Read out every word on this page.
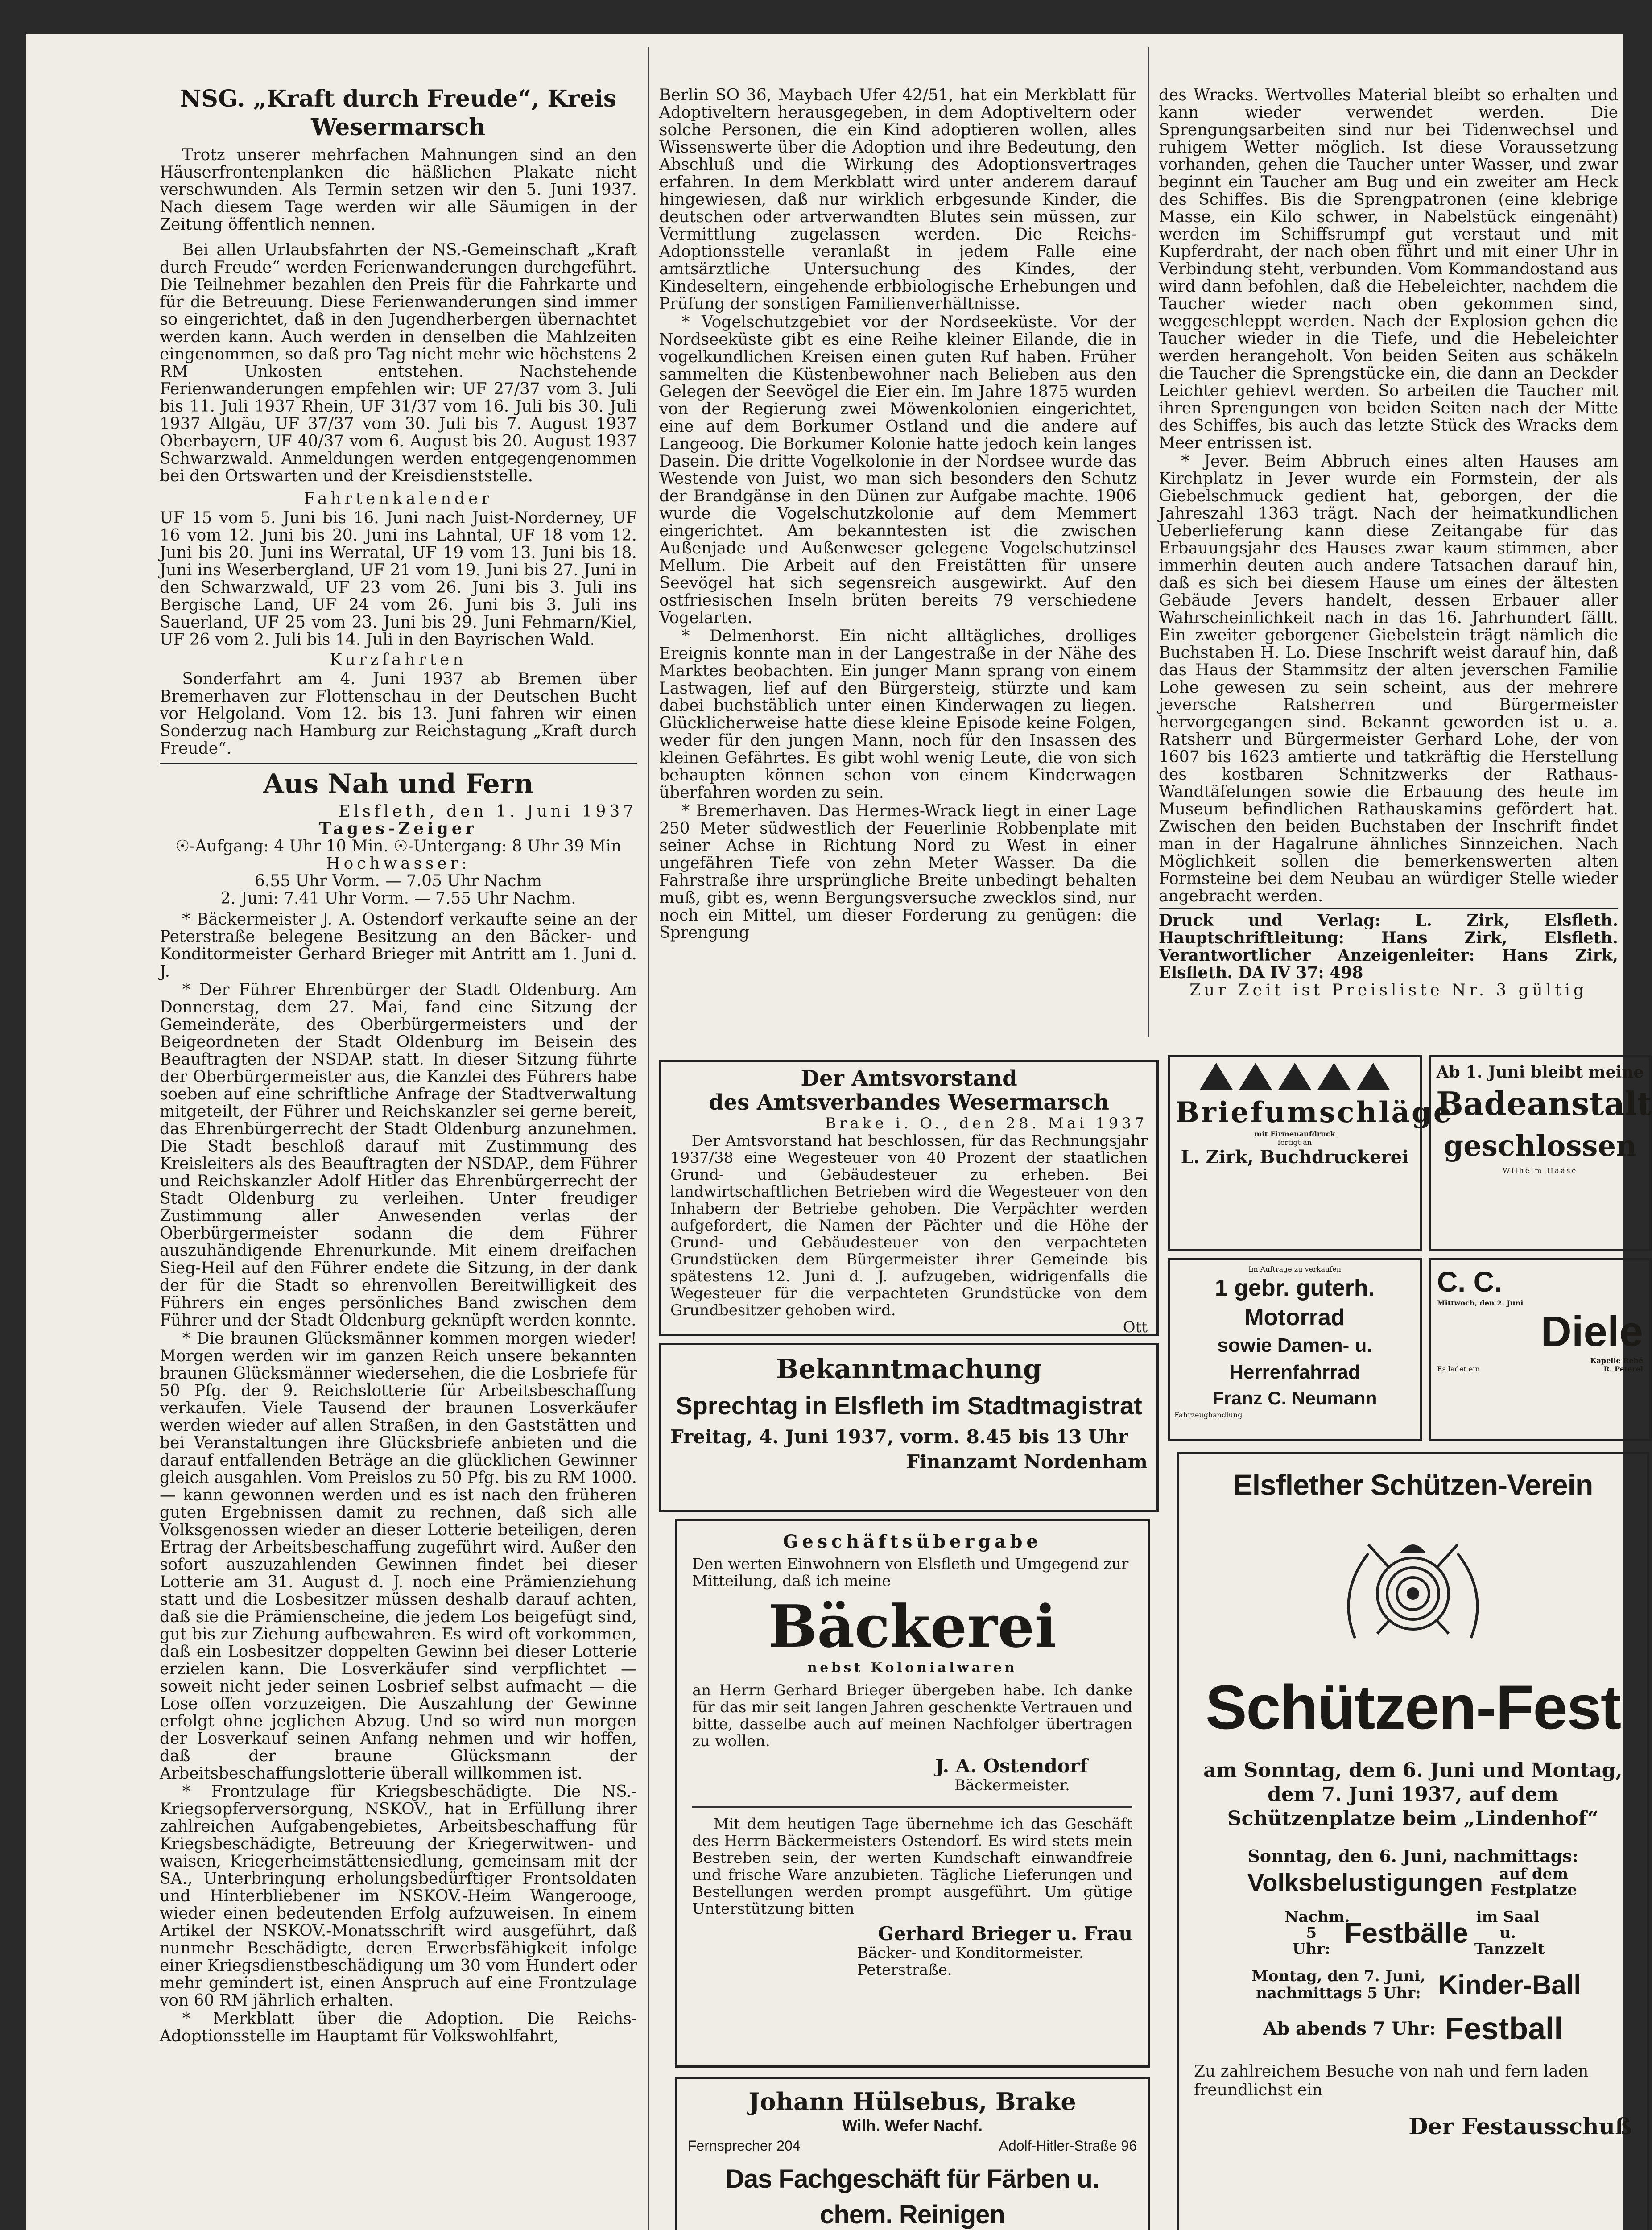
NSG. „Kraft durch Freude“, Kreis Wesermarsch

Trotz unserer mehrfachen Mahnungen sind an den Häuserfrontenplanken die häßlichen Plakate nicht verschwunden. Als Termin setzen wir den 5. Juni 1937. Nach diesem Tage werden wir alle Säumigen in der Zeitung öffentlich nennen.

Bei allen Urlaubsfahrten der NS.-Gemeinschaft „Kraft durch Freude“ werden Ferienwanderungen durchgeführt. Die Teilnehmer bezahlen den Preis für die Fahrkarte und für die Betreuung. Diese Ferienwanderungen sind immer so eingerichtet, daß in den Jugendherbergen übernachtet werden kann. Auch werden in denselben die Mahlzeiten eingenommen, so daß pro Tag nicht mehr wie höchstens 2 RM Unkosten entstehen. Nachstehende Ferienwanderungen empfehlen wir: UF 27/37 vom 3. Juli bis 11. Juli 1937 Rhein, UF 31/37 vom 16. Juli bis 30. Juli 1937 Allgäu, UF 37/37 vom 30. Juli bis 7. August 1937 Oberbayern, UF 40/37 vom 6. August bis 20. August 1937 Schwarzwald. Anmeldungen werden entgegengenommen bei den Ortswarten und der Kreisdienststelle.

Fahrtenkalender

UF 15 vom 5. Juni bis 16. Juni nach Juist-Norderney, UF 16 vom 12. Juni bis 20. Juni ins Lahntal, UF 18 vom 12. Juni bis 20. Juni ins Werratal, UF 19 vom 13. Juni bis 18. Juni ins Weserbergland, UF 21 vom 19. Juni bis 27. Juni in den Schwarzwald, UF 23 vom 26. Juni bis 3. Juli ins Bergische Land, UF 24 vom 26. Juni bis 3. Juli ins Sauerland, UF 25 vom 23. Juni bis 29. Juni Fehmarn/Kiel, UF 26 vom 2. Juli bis 14. Juli in den Bayrischen Wald.

Kurzfahrten

Sonderfahrt am 4. Juni 1937 ab Bremen über Bremerhaven zur Flottenschau in der Deutschen Bucht vor Helgoland. Vom 12. bis 13. Juni fahren wir einen Sonderzug nach Hamburg zur Reichstagung „Kraft durch Freude“.

Aus Nah und Fern
Elsfleth, den 1. Juni 1937
Tages-Zeiger
☉-Aufgang: 4 Uhr 10 Min. ☉-Untergang: 8 Uhr 39 Min
Hochwasser:
6.55 Uhr Vorm. — 7.05 Uhr Nachm
2. Juni: 7.41 Uhr Vorm. — 7.55 Uhr Nachm.

* Bäckermeister J. A. Ostendorf verkaufte seine an der Peterstraße belegene Besitzung an den Bäcker- und Konditormeister Gerhard Brieger mit Antritt am 1. Juni d. J.

* Der Führer Ehrenbürger der Stadt Oldenburg. Am Donnerstag, dem 27. Mai, fand eine Sitzung der Gemeinderäte, des Oberbürgermeisters und der Beigeordneten der Stadt Oldenburg im Beisein des Beauftragten der NSDAP. statt. In dieser Sitzung führte der Oberbürgermeister aus, die Kanzlei des Führers habe soeben auf eine schriftliche Anfrage der Stadtverwaltung mitgeteilt, der Führer und Reichskanzler sei gerne bereit, das Ehrenbürgerrecht der Stadt Oldenburg anzunehmen. Die Stadt beschloß darauf mit Zustimmung des Kreisleiters als des Beauftragten der NSDAP., dem Führer und Reichskanzler Adolf Hitler das Ehrenbürgerrecht der Stadt Oldenburg zu verleihen. Unter freudiger Zustimmung aller Anwesenden verlas der Oberbürgermeister sodann die dem Führer auszuhändigende Ehrenurkunde. Mit einem dreifachen Sieg-Heil auf den Führer endete die Sitzung, in der dank der für die Stadt so ehrenvollen Bereitwilligkeit des Führers ein enges persönliches Band zwischen dem Führer und der Stadt Oldenburg geknüpft werden konnte.

* Die braunen Glücksmänner kommen morgen wieder! Morgen werden wir im ganzen Reich unsere bekannten braunen Glücksmänner wiedersehen, die die Losbriefe für 50 Pfg. der 9. Reichslotterie für Arbeitsbeschaffung verkaufen. Viele Tausend der braunen Losverkäufer werden wieder auf allen Straßen, in den Gaststätten und bei Veranstaltungen ihre Glücksbriefe anbieten und die darauf entfallenden Beträge an die glücklichen Gewinner gleich ausgahlen. Vom Preislos zu 50 Pfg. bis zu RM 1000.— kann gewonnen werden und es ist nach den früheren guten Ergebnissen damit zu rechnen, daß sich alle Volksgenossen wieder an dieser Lotterie beteiligen, deren Ertrag der Arbeitsbeschaffung zugeführt wird. Außer den sofort auszuzahlenden Gewinnen findet bei dieser Lotterie am 31. August d. J. noch eine Prämienziehung statt und die Losbesitzer müssen deshalb darauf achten, daß sie die Prämienscheine, die jedem Los beigefügt sind, gut bis zur Ziehung aufbewahren. Es wird oft vorkommen, daß ein Losbesitzer doppelten Gewinn bei dieser Lotterie erzielen kann. Die Losverkäufer sind verpflichtet — soweit nicht jeder seinen Losbrief selbst aufmacht — die Lose offen vorzuzeigen. Die Auszahlung der Gewinne erfolgt ohne jeglichen Abzug. Und so wird nun morgen der Losverkauf seinen Anfang nehmen und wir hoffen, daß der braune Glücksmann der Arbeitsbeschaffungslotterie überall willkommen ist.

* Frontzulage für Kriegsbeschädigte. Die NS.-Kriegsopferversorgung, NSKOV., hat in Erfüllung ihrer zahlreichen Aufgabengebietes, Arbeitsbeschaffung für Kriegsbeschädigte, Betreuung der Kriegerwitwen- und waisen, Kriegerheimstättensiedlung, gemeinsam mit der SA., Unterbringung erholungsbedürftiger Frontsoldaten und Hinterbliebener im NSKOV.-Heim Wangerooge, wieder einen bedeutenden Erfolg aufzuweisen. In einem Artikel der NSKOV.-Monatsschrift wird ausgeführt, daß nunmehr Beschädigte, deren Erwerbsfähigkeit infolge einer Kriegsdienstbeschädigung um 30 vom Hundert oder mehr gemindert ist, einen Anspruch auf eine Frontzulage von 60 RM jährlich erhalten.

* Merkblatt über die Adoption. Die Reichs-Adoptionsstelle im Hauptamt für Volkswohlfahrt,

Berlin SO 36, Maybach Ufer 42/51, hat ein Merkblatt für Adoptiveltern herausgegeben, in dem Adoptiveltern oder solche Personen, die ein Kind adoptieren wollen, alles Wissenswerte über die Adoption und ihre Bedeutung, den Abschluß und die Wirkung des Adoptionsvertrages erfahren. In dem Merkblatt wird unter anderem darauf hingewiesen, daß nur wirklich erbgesunde Kinder, die deutschen oder artverwandten Blutes sein müssen, zur Vermittlung zugelassen werden. Die Reichs-Adoptionsstelle veranlaßt in jedem Falle eine amtsärztliche Untersuchung des Kindes, der Kindeseltern, eingehende erbbiologische Erhebungen und Prüfung der sonstigen Familienverhältnisse.

* Vogelschutzgebiet vor der Nordseeküste. Vor der Nordseeküste gibt es eine Reihe kleiner Eilande, die in vogelkundlichen Kreisen einen guten Ruf haben. Früher sammelten die Küstenbewohner nach Belieben aus den Gelegen der Seevögel die Eier ein. Im Jahre 1875 wurden von der Regierung zwei Möwenkolonien eingerichtet, eine auf dem Borkumer Ostland und die andere auf Langeoog. Die Borkumer Kolonie hatte jedoch kein langes Dasein. Die dritte Vogelkolonie in der Nordsee wurde das Westende von Juist, wo man sich besonders den Schutz der Brandgänse in den Dünen zur Aufgabe machte. 1906 wurde die Vogelschutzkolonie auf dem Memmert eingerichtet. Am bekanntesten ist die zwischen Außenjade und Außenweser gelegene Vogelschutzinsel Mellum. Die Arbeit auf den Freistätten für unsere Seevögel hat sich segensreich ausgewirkt. Auf den ostfriesischen Inseln brüten bereits 79 verschiedene Vogelarten.

* Delmenhorst. Ein nicht alltägliches, drolliges Ereignis konnte man in der Langestraße in der Nähe des Marktes beobachten. Ein junger Mann sprang von einem Lastwagen, lief auf den Bürgersteig, stürzte und kam dabei buchstäblich unter einen Kinderwagen zu liegen. Glücklicherweise hatte diese kleine Episode keine Folgen, weder für den jungen Mann, noch für den Insassen des kleinen Gefährtes. Es gibt wohl wenig Leute, die von sich behaupten können schon von einem Kinderwagen überfahren worden zu sein.

* Bremerhaven. Das Hermes-Wrack liegt in einer Lage 250 Meter südwestlich der Feuerlinie Robbenplate mit seiner Achse in Richtung Nord zu West in einer ungefähren Tiefe von zehn Meter Wasser. Da die Fahrstraße ihre ursprüngliche Breite unbedingt behalten muß, gibt es, wenn Bergungsversuche zwecklos sind, nur noch ein Mittel, um dieser Forderung zu genügen: die Sprengung

des Wracks. Wertvolles Material bleibt so erhalten und kann wieder verwendet werden. Die Sprengungsarbeiten sind nur bei Tidenwechsel und ruhigem Wetter möglich. Ist diese Voraussetzung vorhanden, gehen die Taucher unter Wasser, und zwar beginnt ein Taucher am Bug und ein zweiter am Heck des Schiffes. Bis die Sprengpatronen (eine klebrige Masse, ein Kilo schwer, in Nabelstück eingenäht) werden im Schiffsrumpf gut verstaut und mit Kupferdraht, der nach oben führt und mit einer Uhr in Verbindung steht, verbunden. Vom Kommandostand aus wird dann befohlen, daß die Hebeleichter, nachdem die Taucher wieder nach oben gekommen sind, weggeschleppt werden. Nach der Explosion gehen die Taucher wieder in die Tiefe, und die Hebeleichter werden herangeholt. Von beiden Seiten aus schäkeln die Taucher die Sprengstücke ein, die dann an Deckder Leichter gehievt werden. So arbeiten die Taucher mit ihren Sprengungen von beiden Seiten nach der Mitte des Schiffes, bis auch das letzte Stück des Wracks dem Meer entrissen ist.

* Jever. Beim Abbruch eines alten Hauses am Kirchplatz in Jever wurde ein Formstein, der als Giebelschmuck gedient hat, geborgen, der die Jahreszahl 1363 trägt. Nach der heimatkundlichen Ueberlieferung kann diese Zeitangabe für das Erbauungsjahr des Hauses zwar kaum stimmen, aber immerhin deuten auch andere Tatsachen darauf hin, daß es sich bei diesem Hause um eines der ältesten Gebäude Jevers handelt, dessen Erbauer aller Wahrscheinlichkeit nach in das 16. Jahrhundert fällt. Ein zweiter geborgener Giebelstein trägt nämlich die Buchstaben H. Lo. Diese Inschrift weist darauf hin, daß das Haus der Stammsitz der alten jeverschen Familie Lohe gewesen zu sein scheint, aus der mehrere jeversche Ratsherren und Bürgermeister hervorgegangen sind. Bekannt geworden ist u. a. Ratsherr und Bürgermeister Gerhard Lohe, der von 1607 bis 1623 amtierte und tatkräftig die Herstellung des kostbaren Schnitzwerks der Rathaus-Wandtäfelungen sowie die Erbauung des heute im Museum befindlichen Rathauskamins gefördert hat. Zwischen den beiden Buchstaben der Inschrift findet man in der Hagalrune ähnliches Sinnzeichen. Nach Möglichkeit sollen die bemerkenswerten alten Formsteine bei dem Neubau an würdiger Stelle wieder angebracht werden.

Druck und Verlag: L. Zirk, Elsfleth. Hauptschriftleitung: Hans Zirk, Elsfleth. Verantwortlicher Anzeigenleiter: Hans Zirk, Elsfleth. DA IV 37: 498
Zur Zeit ist Preisliste Nr. 3 gültig
Der Amtsvorstand
des Amtsverbandes Wesermarsch
Brake i. O., den 28. Mai 1937
Der Amtsvorstand hat beschlossen, für das Rechnungsjahr 1937/38 eine Wegesteuer von 40 Prozent der staatlichen Grund- und Gebäudesteuer zu erheben. Bei landwirtschaftlichen Betrieben wird die Wegesteuer von den Inhabern der Betriebe gehoben. Die Verpächter werden aufgefordert, die Namen der Pächter und die Höhe der Grund- und Gebäudesteuer von den verpachteten Grundstücken dem Bürgermeister ihrer Gemeinde bis spätestens 12. Juni d. J. aufzugeben, widrigenfalls die Wegesteuer für die verpachteten Grundstücke von dem Grundbesitzer gehoben wird.
Ott
Briefumschläge
mit Firmenaufdruck
fertigt an
L. Zirk, Buchdruckerei
Ab 1. Juni bleibt meine
Badeanstalt
geschlossen
Wilhelm Haase
Im Auftrage zu verkaufen
1 gebr. guterh. Motorrad
sowie Damen- u. Herrenfahrrad
Franz C. Neumann
Fahrzeughandlung
C. C.
Mittwoch, den 2. Juni
Diele
Kapelle Rebé
Es ladet ein	R. Peterel
Bekanntmachung
Sprechtag in Elsfleth im Stadtmagistrat
Freitag, 4. Juni 1937, vorm. 8.45 bis 13 Uhr
Finanzamt Nordenham
Geschäftsübergabe
Den werten Einwohnern von Elsfleth und Umgegend zur Mitteilung, daß ich meine
Bäckerei
nebst Kolonialwaren
an Herrn Gerhard Brieger übergeben habe. Ich danke für das mir seit langen Jahren geschenkte Vertrauen und bitte, dasselbe auch auf meinen Nachfolger übertragen zu wollen.
J. A. Ostendorf
Bäckermeister.
Mit dem heutigen Tage übernehme ich das Geschäft des Herrn Bäckermeisters Ostendorf. Es wird stets mein Bestreben sein, der werten Kundschaft einwandfreie und frische Ware anzubieten. Tägliche Lieferungen und Bestellungen werden prompt ausgeführt. Um gütige Unterstützung bitten
Gerhard Brieger u. Frau
Bäcker- und Konditormeister.
Peterstraße.
Johann Hülsebus, Brake
Wilh. Wefer Nachf.
Fernsprecher 204	Adolf-Hitler-Straße 96
Das Fachgeschäft für Färben u. chem. Reinigen
Elsflether Schützen-Verein
Schützen-Fest
am Sonntag, dem 6. Juni und Montag, dem 7. Juni 1937, auf dem Schützenplatze beim „Lindenhof“
Sonntag, den 6. Juni, nachmittags:
Volksbelustigungen	auf dem Festplatze
Nachm. 5 Uhr: Festbälle im Saal u. Tanzzelt
Montag, den 7. Juni, nachmittags 5 Uhr: Kinder-Ball
Ab abends 7 Uhr: Festball
Zu zahlreichem Besuche von nah und fern laden freundlichst ein
Der Festausschuß
